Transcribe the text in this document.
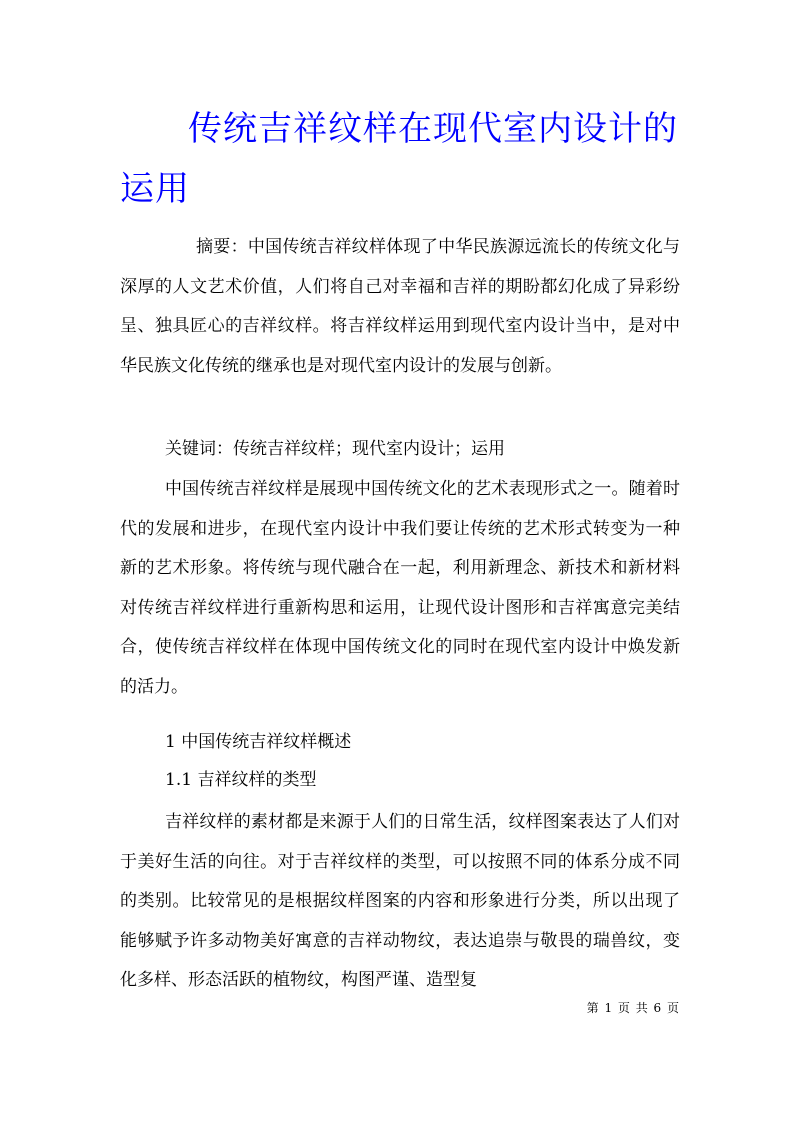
传统吉祥纹样在现代室内设计的
运用

摘要：中国传统吉祥纹样体现了中华民族源远流长的传统文化与深厚的人文艺术价值，人们将自己对幸福和吉祥的期盼都幻化成了异彩纷呈、独具匠心的吉祥纹样。将吉祥纹样运用到现代室内设计当中，是对中华民族文化传统的继承也是对现代室内设计的发展与创新。

关键词：传统吉祥纹样；现代室内设计；运用

中国传统吉祥纹样是展现中国传统文化的艺术表现形式之一。随着时代的发展和进步，在现代室内设计中我们要让传统的艺术形式转变为一种新的艺术形象。将传统与现代融合在一起，利用新理念、新技术和新材料对传统吉祥纹样进行重新构思和运用，让现代设计图形和吉祥寓意完美结合，使传统吉祥纹样在体现中国传统文化的同时在现代室内设计中焕发新的活力。

1 中国传统吉祥纹样概述

1.1 吉祥纹样的类型

吉祥纹样的素材都是来源于人们的日常生活，纹样图案表达了人们对于美好生活的向往。对于吉祥纹样的类型，可以按照不同的体系分成不同的类别。比较常见的是根据纹样图案的内容和形象进行分类，所以出现了能够赋予许多动物美好寓意的吉祥动物纹，表达追崇与敬畏的瑞兽纹，变化多样、形态活跃的植物纹，构图严谨、造型复

第 1 页 共 6 页
